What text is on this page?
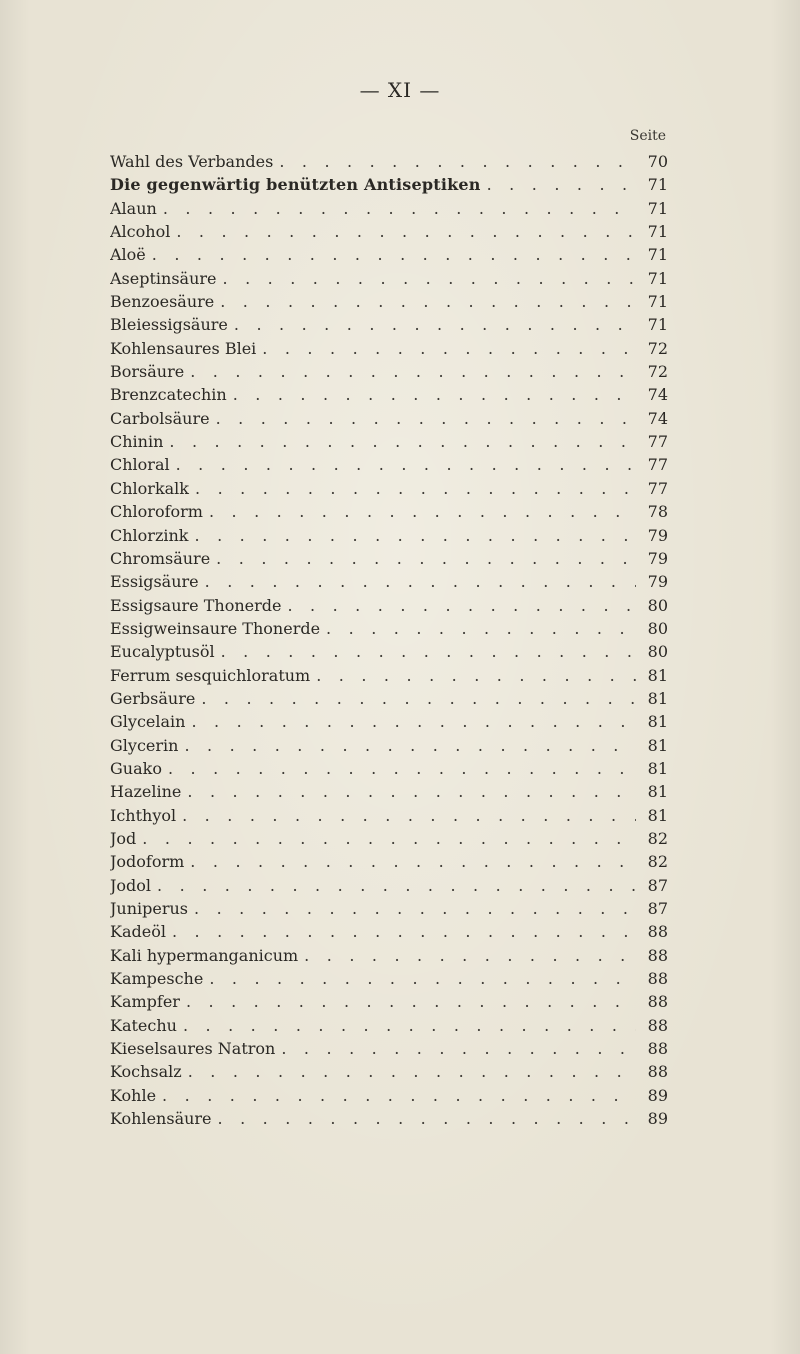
— XI —
Seite
Wahl des Verbandes . . .	70
Die gegenwärtig benützten Antiseptiken . . .	71
Alaun . . .	71
Alcohol . . .	71
Aloë . . .	71
Aseptinsäure . . .	71
Benzoesäure . . .	71
Bleiessigsäure . . .	71
Kohlensaures Blei . . .	72
Borsäure . . .	72
Brenzcatechin . . .	74
Carbolsäure . . .	74
Chinin . . .	77
Chloral . . .	77
Chlorkalk . . .	77
Chloroform . . .	78
Chlorzink . . .	79
Chromsäure . . .	79
Essigsäure . . .	79
Essigsaure Thonerde . . .	80
Essigweinsaure Thonerde . . .	80
Eucalyptusöl . . .	80
Ferrum sesquichloratum . . .	81
Gerbsäure . . .	81
Glycelain . . .	81
Glycerin . . .	81
Guako . . .	81
Hazeline . . .	81
Ichthyol . . .	81
Jod . . .	82
Jodoform . . .	82
Jodol . . .	87
Juniperus . . .	87
Kadeöl . . .	88
Kali hypermanganicum . . .	88
Kampesche . . .	88
Kampfer . . .	88
Katechu . . .	88
Kieselsaures Natron . . .	88
Kochsalz . . .	88
Kohle . . .	89
Kohlensäure . . .	89
